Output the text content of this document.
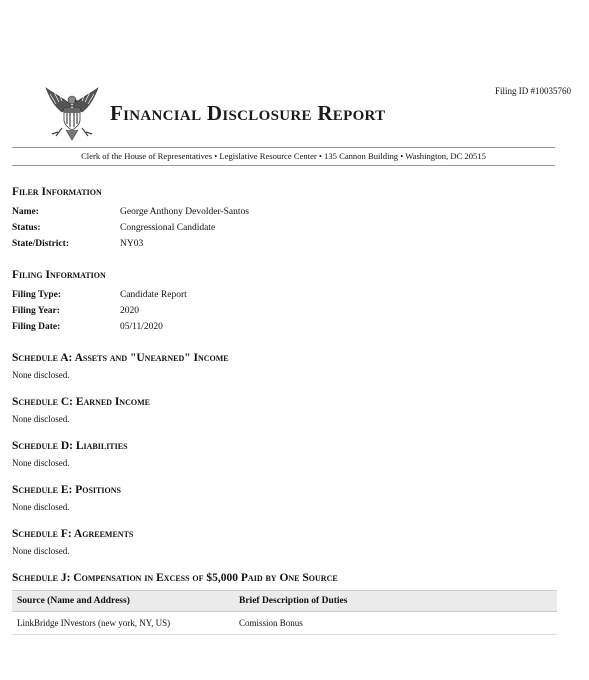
Filing ID #10035760
Financial Disclosure Report
Clerk of the House of Representatives • Legislative Resource Center • 135 Cannon Building • Washington, DC 20515
Filer Information
Name:	George Anthony Devolder-Santos
Status:	Congressional Candidate
State/District:	NY03
Filing Information
Filing Type:	Candidate Report
Filing Year:	2020
Filing Date:	05/11/2020
Schedule A: Assets and "Unearned" Income

None disclosed.

Schedule C: Earned Income

None disclosed.

Schedule D: Liabilities

None disclosed.

Schedule E: Positions

None disclosed.

Schedule F: Agreements

None disclosed.

Schedule J: Compensation in Excess of $5,000 Paid by One Source
Source (Name and Address)	Brief Description of Duties
LinkBridge INvestors (new york, NY, US)	Comission Bonus
